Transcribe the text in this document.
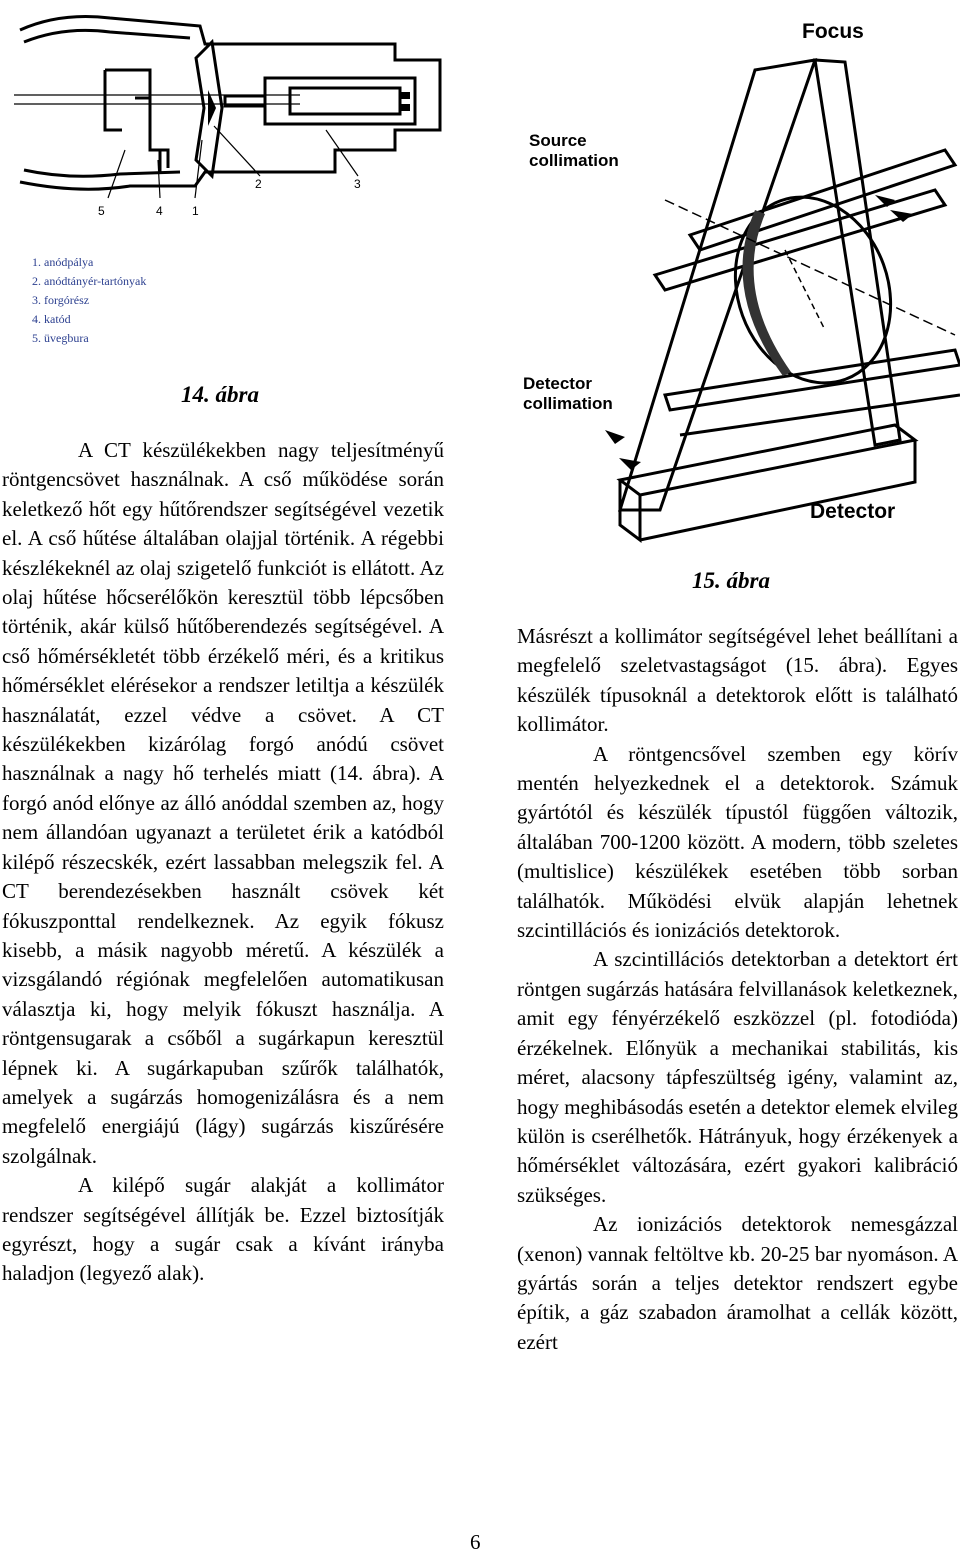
5	4 1
2	3
1. anódpálya
2. anódtányér-tartónyak
3. forgórész
4. katód
5. üvegbura
14. ábra
Focus
Source
collimation
Detector
collimation
Detector
15. ábra

A CT készülékekben nagy teljesítményű röntgencsövet használnak. A cső működése során keletkező hőt egy hűtőrendszer segítségével vezetik el. A cső hűtése általában olajjal történik. A régebbi készlékeknél az olaj szigetelő funkciót is ellátott. Az olaj hűtése hőcserélőkön keresztül több lépcsőben történik, akár külső hűtőberendezés segítségével. A cső hőmérsékletét több érzékelő méri, és a kritikus hőmérséklet elérésekor a rendszer letiltja a készülék használatát, ezzel védve a csövet. A CT készülékekben kizárólag forgó anódú csövet használnak a nagy hő terhelés miatt (14. ábra). A forgó anód előnye az álló anóddal szemben az, hogy nem állandóan ugyanazt a területet érik a katódból kilépő részecskék, ezért lassabban melegszik fel. A CT berendezésekben használt csövek két fókuszponttal rendelkeznek. Az egyik fókusz kisebb, a másik nagyobb méretű. A készülék a vizsgálandó régiónak megfelelően automatikusan választja ki, hogy melyik fókuszt használja. A röntgensugarak a csőből a sugárkapun keresztül lépnek ki. A sugárkapuban szűrők találhatók, amelyek a sugárzás homogenizálásra és a nem megfelelő energiájú (lágy) sugárzás kiszűrésére szolgálnak.

A kilépő sugár alakját a kollimátor rendszer segítségével állítják be. Ezzel biztosítják egyrészt, hogy a sugár csak a kívánt irányba haladjon (legyező alak).

Másrészt a kollimátor segítségével lehet beállítani a megfelelő szeletvastagságot (15. ábra). Egyes készülék típusoknál a detektorok előtt is található kollimátor.

A röntgencsővel szemben egy körív mentén helyezkednek el a detektorok. Számuk gyártótól és készülék típustól függően változik, általában 700-1200 között. A modern, több szeletes (multislice) készülékek esetében több sorban találhatók. Működési elvük alapján lehetnek szcintillációs és ionizációs detektorok.

A szcintillációs detektorban a detektort ért röntgen sugárzás hatására felvillanások keletkeznek, amit egy fényérzékelő eszközzel (pl. fotodióda) érzékelnek. Előnyük a mechanikai stabilitás, kis méret, alacsony tápfeszültség igény, valamint az, hogy meghibásodás esetén a detektor elemek elvileg külön is cserélhetők. Hátrányuk, hogy érzékenyek a hőmérséklet változására, ezért gyakori kalibráció szükséges.

Az ionizációs detektorok nemesgázzal (xenon) vannak feltöltve kb. 20-25 bar nyomáson. A gyártás során a teljes detektor rendszert egybe építik, a gáz szabadon áramolhat a cellák között, ezért

6
